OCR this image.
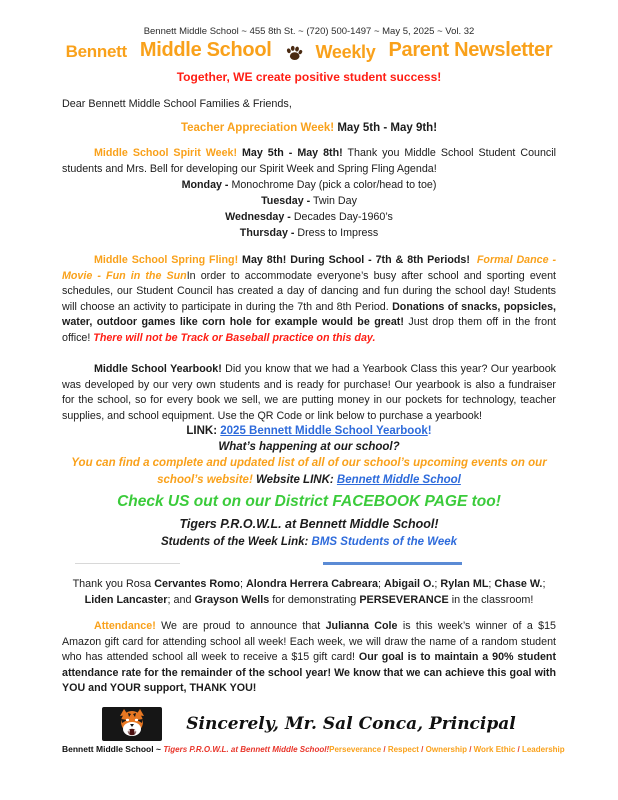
Bennett Middle School ~ 455 8th St. ~ (720) 500-1497 ~ May 5, 2025 ~ Vol. 32

Bennett Middle School Weekly Parent Newsletter

Together, WE create positive student success!

Dear Bennett Middle School Families & Friends,

Teacher Appreciation Week! May 5th - May 9th!

Middle School Spirit Week! May 5th - May 8th! Thank you Middle School Student Council students and Mrs. Bell for developing our Spirit Week and Spring Fling Agenda!

Monday - Monochrome Day (pick a color/head to toe)

Tuesday - Twin Day

Wednesday - Decades Day-1960’s

Thursday - Dress to Impress

Middle School Spring Fling! May 8th! During School - 7th & 8th Periods! Formal Dance - Movie - Fun in the SunIn order to accommodate everyone’s busy after school and sporting event schedules, our Student Council has created a day of dancing and fun during the school day! Students will choose an activity to participate in during the 7th and 8th Period. Donations of snacks, popsicles, water, outdoor games like corn hole for example would be great! Just drop them off in the front office! There will not be Track or Baseball practice on this day.

Middle School Yearbook! Did you know that we had a Yearbook Class this year? Our yearbook was developed by our very own students and is ready for purchase! Our yearbook is also a fundraiser for the school, so for every book we sell, we are putting money in our pockets for technology, teacher supplies, and school equipment. Use the QR Code or link below to purchase a yearbook!

LINK: 2025 Bennett Middle School Yearbook!

What’s happening at our school?

You can find a complete and updated list of all of our school’s upcoming events on our school’s website! Website LINK: Bennett Middle School

Check US out on our District FACEBOOK PAGE too!

Tigers P.R.O.W.L. at Bennett Middle School!

Students of the Week Link: BMS Students of the Week

Thank you Rosa Cervantes Romo; Alondra Herrera Cabreara; Abigail O.; Rylan ML; Chase W.; Liden Lancaster; and Grayson Wells for demonstrating PERSEVERANCE in the classroom!

Attendance! We are proud to announce that Julianna Cole is this week’s winner of a $15 Amazon gift card for attending school all week! Each week, we will draw the name of a random student who has attended school all week to receive a $15 gift card! Our goal is to maintain a 90% student attendance rate for the remainder of the school year! We know that we can achieve this goal with YOU and YOUR support, THANK YOU!

Sincerely, Mr. Sal Conca, Principal

Bennett Middle School ~ Tigers P.R.O.W.L. at Bennett Middle School!Perseverance / Respect / Ownership / Work Ethic / Leadership
